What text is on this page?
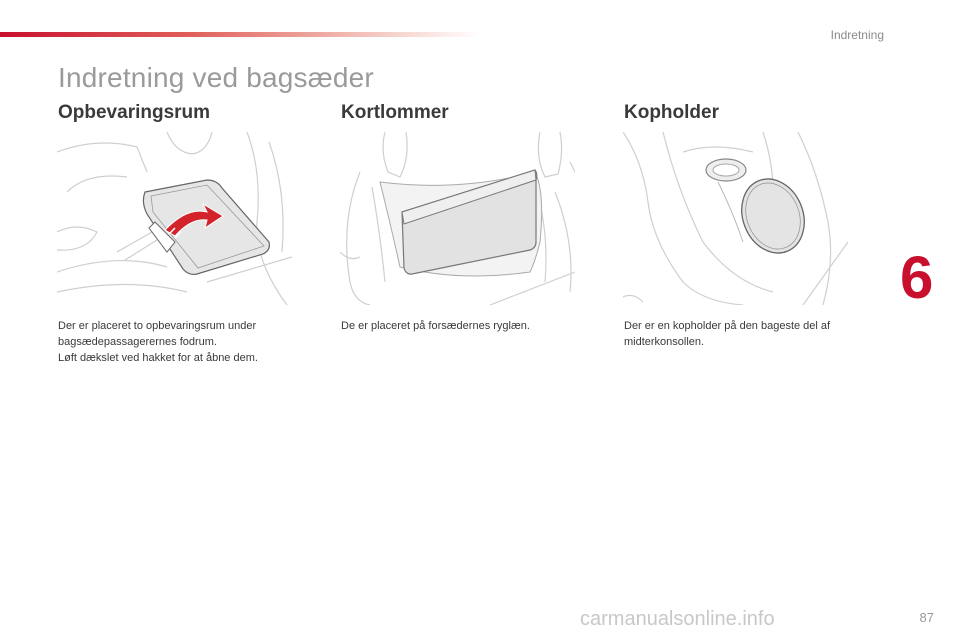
Indretning
Indretning ved bagsæder
Opbevaringsrum

Der er placeret to opbevaringsrum under bagsædepassagerernes fodrum.

Løft dækslet ved hakket for at åbne dem.

Kortlommer

De er placeret på forsædernes ryglæn.

Kopholder

Der er en kopholder på den bageste del af midterkonsollen.

6
carmanualsonline.info	87
